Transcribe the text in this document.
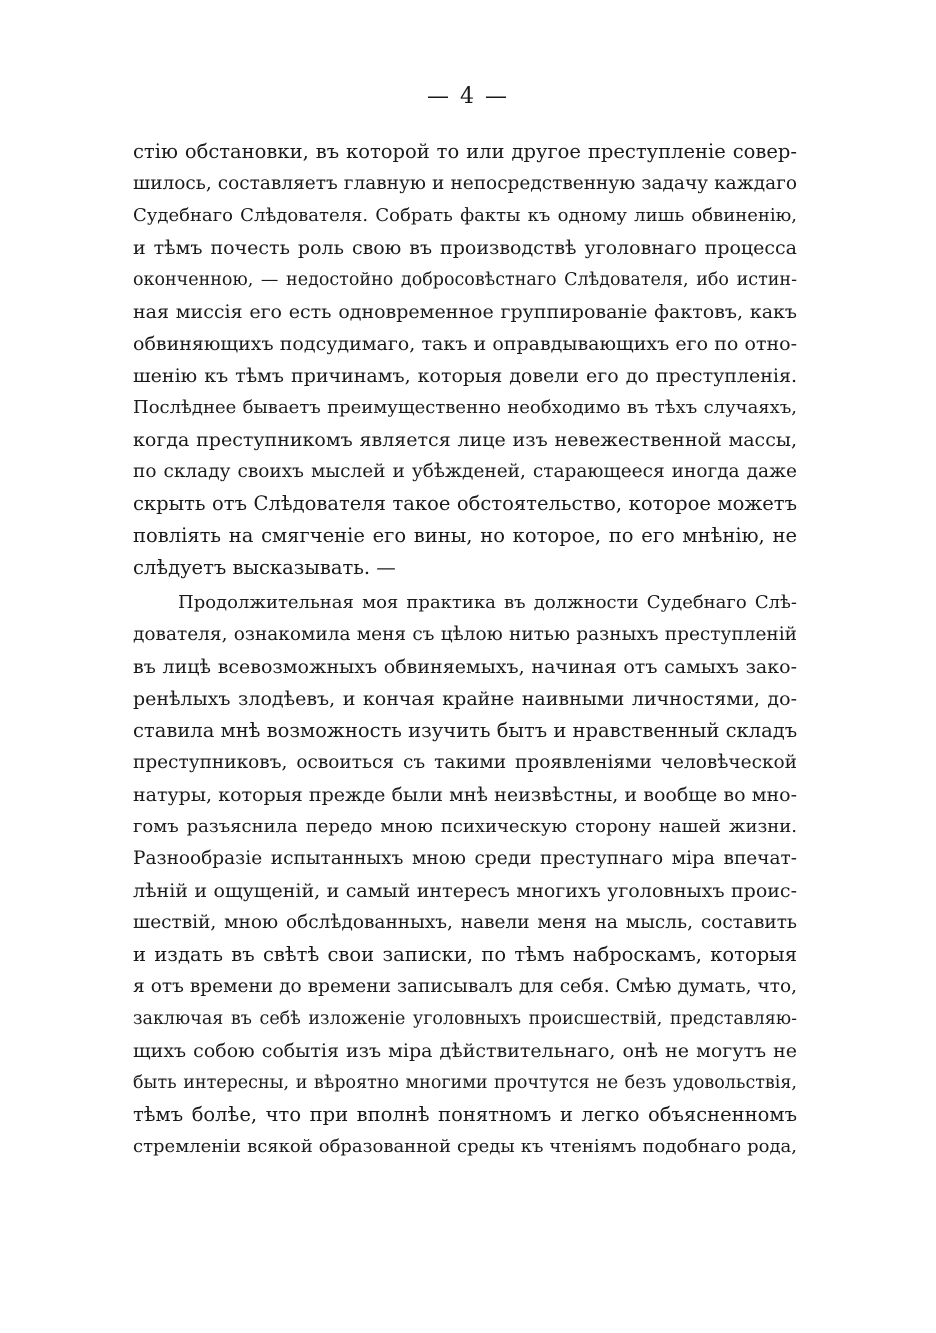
— 4 —
стію обстановки, въ которой то или другое преступленіе совер-
шилось, составляетъ главную и непосредственную задачу каждаго
Судебнаго Слѣдователя. Собрать факты къ одному лишь обвиненію,
и тѣмъ почесть роль свою въ производствѣ уголовнаго процесса
оконченною, — недостойно добросовѣстнаго Слѣдователя, ибо истин-
ная миссія его есть одновременное группированіе фактовъ, какъ
обвиняющихъ подсудимаго, такъ и оправдывающихъ его по отно-
шенію къ тѣмъ причинамъ, которыя довели его до преступленія.
Послѣднее бываетъ преимущественно необходимо въ тѣхъ случаяхъ,
когда преступникомъ является лице изъ невежественной массы,
по складу своихъ мыслей и убѣжденей, старающееся иногда даже
скрыть отъ Слѣдователя такое обстоятельство, которое можетъ
повліять на смягченіе его вины, но которое, по его мнѣнію, не
слѣдуетъ высказывать. —
Продолжительная моя практика въ должности Судебнаго Слѣ-
дователя, ознакомила меня съ цѣлою нитью разныхъ преступленій
въ лицѣ всевозможныхъ обвиняемыхъ, начиная отъ самыхъ зако-
ренѣлыхъ злодѣевъ, и кончая крайне наивными личностями, до-
ставила мнѣ возможность изучить бытъ и нравственный складъ
преступниковъ, освоиться съ такими проявленіями человѣческой
натуры, которыя прежде были мнѣ неизвѣстны, и вообще во мно-
гомъ разъяснила передо мною психическую сторону нашей жизни.
Разнообразіе испытанныхъ мною среди преступнаго міра впечат-
лѣній и ощущеній, и самый интересъ многихъ уголовныхъ проис-
шествій, мною обслѣдованныхъ, навели меня на мысль, составить
и издать въ свѣтѣ свои записки, по тѣмъ наброскамъ, которыя
я отъ времени до времени записывалъ для себя. Смѣю думать, что,
заключая въ себѣ изложеніе уголовныхъ происшествій, представляю-
щихъ собою событія изъ міра дѣйствительнаго, онѣ не могутъ не
быть интересны, и вѣроятно многими прочтутся не безъ удовольствія,
тѣмъ болѣе, что при вполнѣ понятномъ и легко объясненномъ
стремленіи всякой образованной среды къ чтеніямъ подобнаго рода,
